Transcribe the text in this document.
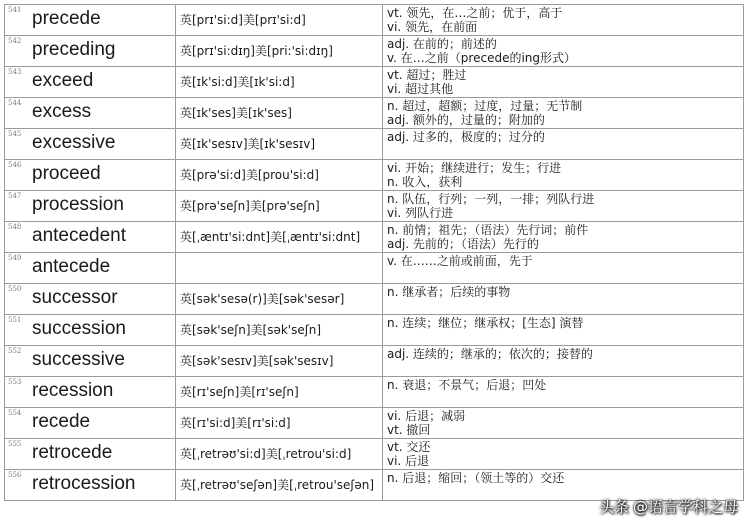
541 precede	英[prɪ'si:d]美[prɪ'si:d]	vt. 领先，在…之前；优于，高于
vi. 领先，在前面

542 preceding	英[prɪ'si:dɪŋ]美[pri:'si:dɪŋ]	adj. 在前的；前述的
v. 在…之前（precede的ing形式）

543 exceed	英[ɪk'si:d]美[ɪk'si:d]	vt. 超过；胜过
vi. 超过其他

544 excess	英[ɪk'ses]美[ɪk'ses]	n. 超过，超额；过度，过量；无节制
adj. 额外的，过量的；附加的

545 excessive	英[ɪk'sesɪv]美[ɪk'sesɪv]	adj. 过多的，极度的；过分的

546 proceed	英[prə'si:d]美[prou'si:d]	vi. 开始；继续进行；发生；行进
n. 收入，获利

547 procession	英[prə'seʃn]美[prə'seʃn]	n. 队伍，行列；一列，一排；列队行进
vi. 列队行进

548 antecedent	英[ˌæntɪ'si:dnt]美[ˌæntɪ'si:dnt]	n. 前情；祖先；（语法）先行词；前件
adj. 先前的；（语法）先行的

549 antecede		v. 在……之前或前面，先于

550 successor	英[sək'sesə(r)]美[sək'sesər]	n. 继承者；后续的事物

551 succession	英[sək'seʃn]美[sək'seʃn]	n. 连续；继位；继承权；[生态] 演替

552 successive	英[sək'sesɪv]美[sək'sesɪv]	adj. 连续的；继承的；依次的；接替的

553 recession	英[rɪ'seʃn]美[rɪ'seʃn]	n. 衰退；不景气；后退；凹处

554 recede	英[rɪ'si:d]美[rɪ'si:d]	vi. 后退；减弱
vt. 撤回

555 retrocede	英[ˌretrəʊ'si:d]美[ˌretrou'si:d]	vt. 交还
vi. 后退

556 retrocession	英[ˌretrəʊ'seʃən]美[ˌretrou'seʃən]	n. 后退；缩回；（领土等的）交还
头条 @语言学科之母
